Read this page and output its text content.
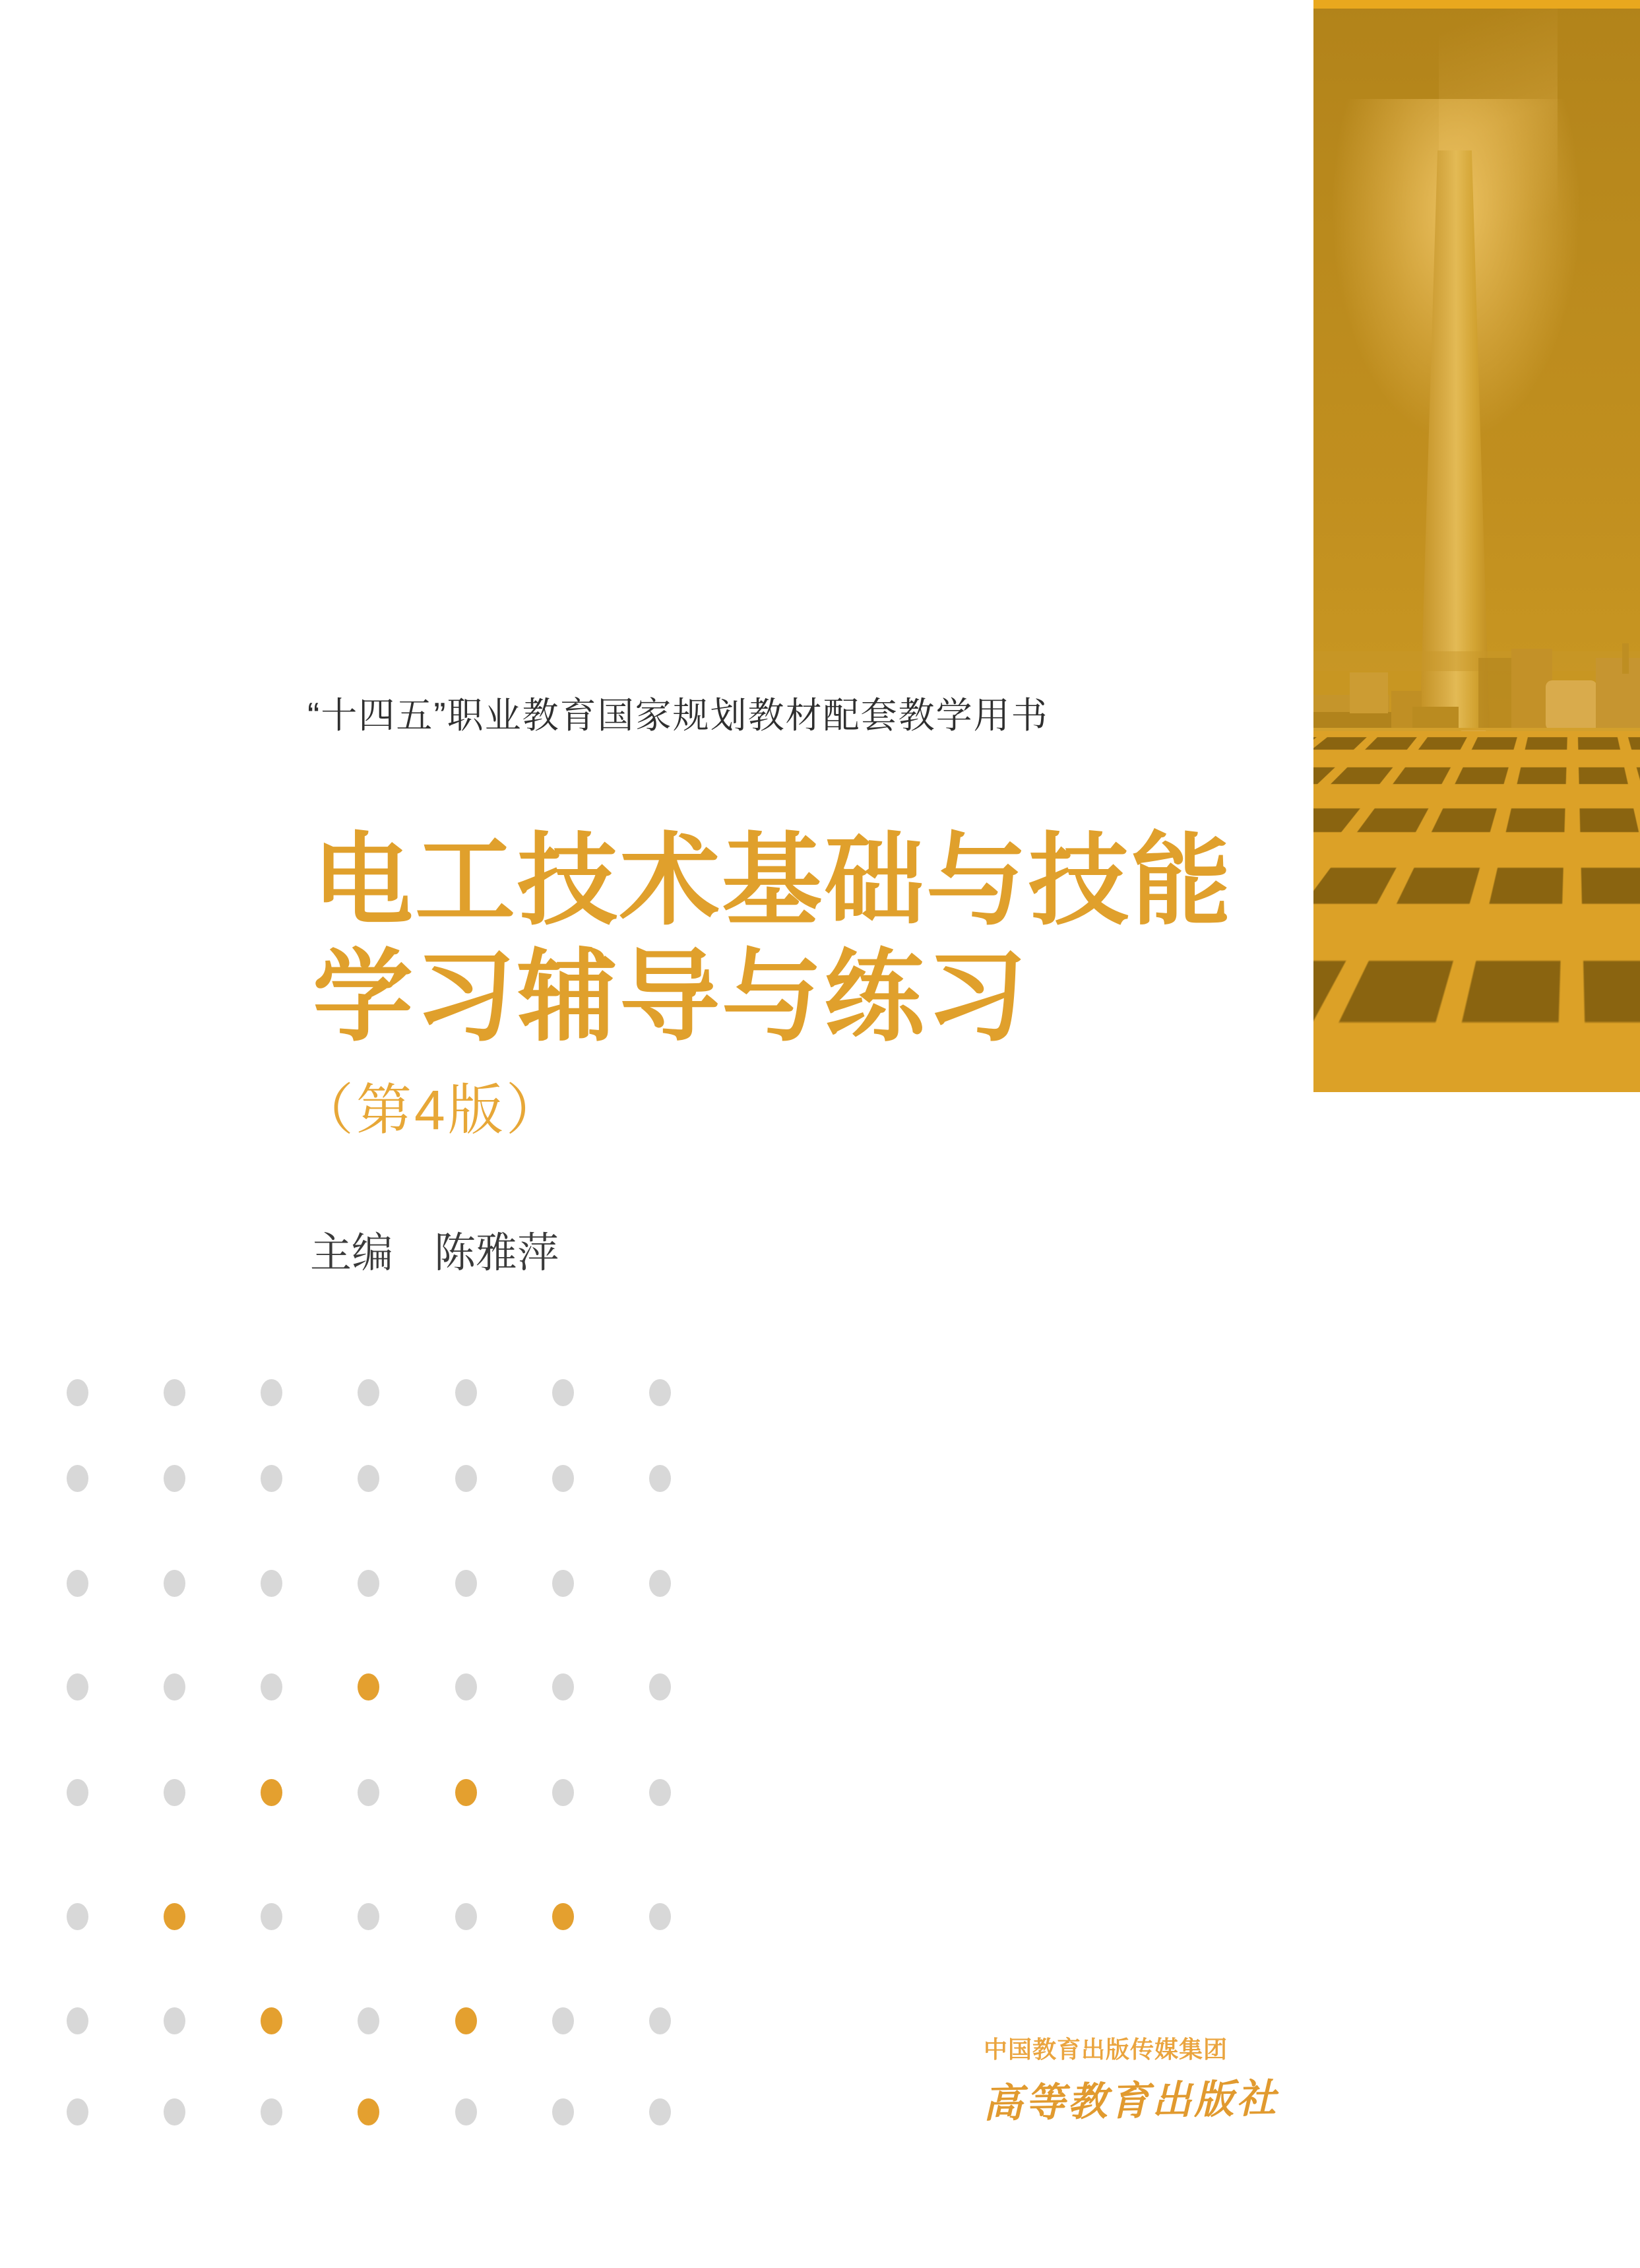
“十四五”职业教育国家规划教材配套教学用书
电工技术基础与技能
学习辅导与练习
（第4版）
主编 陈雅萍
中国教育出版传媒集团
高等教育出版社
